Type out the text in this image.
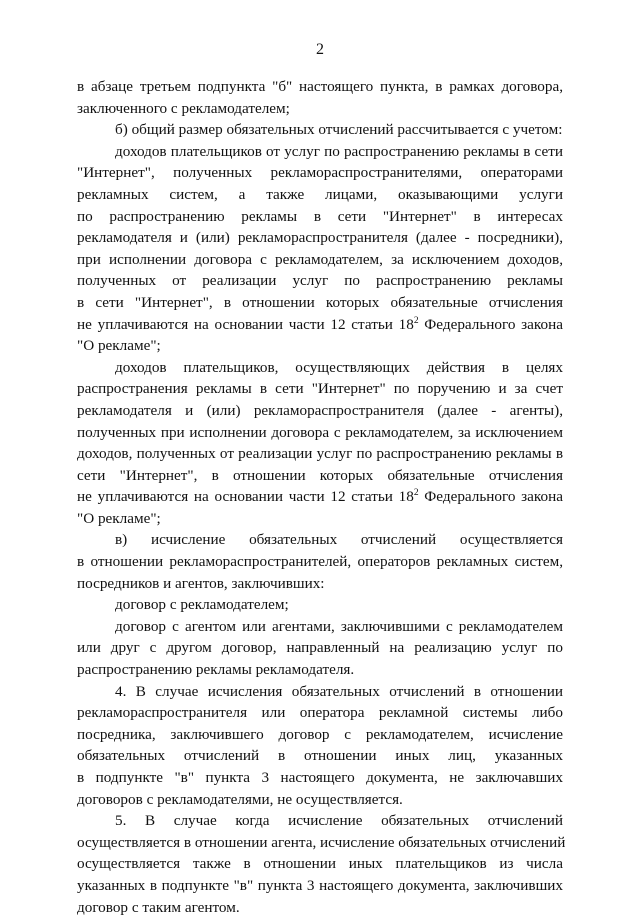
2
в абзаце третьем подпункта "б" настоящего пункта, в рамках договора,
заключенного с рекламодателем;
б) общий размер обязательных отчислений рассчитывается с учетом:
доходов плательщиков от услуг по распространению рекламы в сети
"Интернет", полученных рекламораспространителями, операторами
рекламных систем, а также лицами, оказывающими услуги
по распространению рекламы в сети "Интернет" в интересах
рекламодателя и (или) рекламораспространителя (далее - посредники),
при исполнении договора с рекламодателем, за исключением доходов,
полученных от реализации услуг по распространению рекламы
в сети "Интернет", в отношении которых обязательные отчисления
не уплачиваются на основании части 12 статьи $18^2$ Федерального закона
"О рекламе";
доходов плательщиков, осуществляющих действия в целях
распространения рекламы в сети "Интернет" по поручению и за счет
рекламодателя и (или) рекламораспространителя (далее - агенты),
полученных при исполнении договора с рекламодателем, за исключением
доходов, полученных от реализации услуг по распространению рекламы в
сети "Интернет", в отношении которых обязательные отчисления
не уплачиваются на основании части 12 статьи $18^2$ Федерального закона
"О рекламе";
в) исчисление обязательных отчислений осуществляется
в отношении рекламораспространителей, операторов рекламных систем,
посредников и агентов, заключивших:
договор с рекламодателем;
договор с агентом или агентами, заключившими с рекламодателем
или друг с другом договор, направленный на реализацию услуг по
распространению рекламы рекламодателя.
4. В случае исчисления обязательных отчислений в отношении
рекламораспространителя или оператора рекламной системы либо
посредника, заключившего договор с рекламодателем, исчисление
обязательных отчислений в отношении иных лиц, указанных
в подпункте "в" пункта 3 настоящего документа, не заключавших
договоров с рекламодателями, не осуществляется.
5. В случае когда исчисление обязательных отчислений
осуществляется в отношении агента, исчисление обязательных отчислений
осуществляется также в отношении иных плательщиков из числа
указанных в подпункте "в" пункта 3 настоящего документа, заключивших
договор с таким агентом.
